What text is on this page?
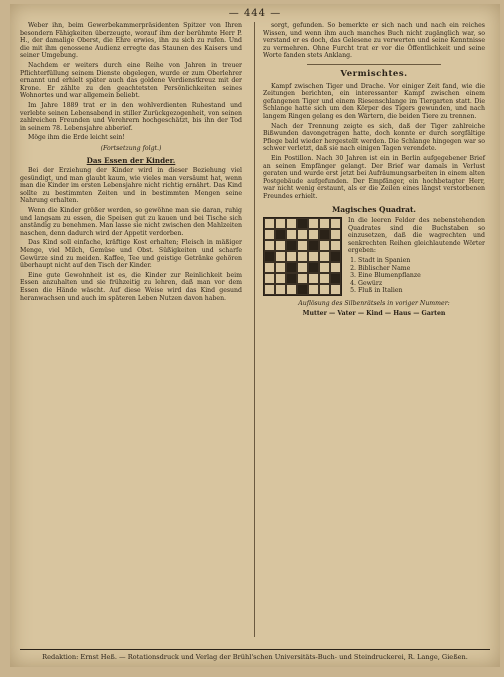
— 444 —

Weber ihn, beim Gewerbekammerpräsidenten Spitzer von Ihren besondern Fähigkeiten überzeugte, worauf ihm der berühmte Herr P. H., der damalige Oberst, die Ehre erwies, ihn zu sich zu rufen. Und die mit ihm genossene Audienz erregte das Staunen des Kaisers und seiner Umgebung.

Nachdem er weiters durch eine Reihe von Jahren in treuer Pflichterfüllung seinem Dienste obgelegen, wurde er zum Oberlehrer ernannt und erhielt später auch das goldene Verdienstkreuz mit der Krone. Er zählte zu den geachtetsten Persönlichkeiten seines Wohnortes und war allgemein beliebt.

Im Jahre 1889 trat er in den wohlverdienten Ruhestand und verlebte seinen Lebensabend in stiller Zurückgezogenheit, von seinen zahlreichen Freunden und Verehrern hochgeschätzt, bis ihn der Tod in seinem 78. Lebensjahre abberief.

Möge ihm die Erde leicht sein!

(Fortsetzung folgt.)
Das Essen der Kinder.

Bei der Erziehung der Kinder wird in dieser Beziehung viel gesündigt, und man glaubt kaum, wie vieles man versäumt hat, wenn man die Kinder im ersten Lebensjahre nicht richtig ernährt. Das Kind sollte zu bestimmten Zeiten und in bestimmten Mengen seine Nahrung erhalten.

Wenn die Kinder größer werden, so gewöhne man sie daran, ruhig und langsam zu essen, die Speisen gut zu kauen und bei Tische sich anständig zu benehmen. Man lasse sie nicht zwischen den Mahlzeiten naschen, denn dadurch wird der Appetit verdorben.

Das Kind soll einfache, kräftige Kost erhalten; Fleisch in mäßiger Menge, viel Milch, Gemüse und Obst. Süßigkeiten und scharfe Gewürze sind zu meiden. Kaffee, Tee und geistige Getränke gehören überhaupt nicht auf den Tisch der Kinder.

Eine gute Gewohnheit ist es, die Kinder zur Reinlichkeit beim Essen anzuhalten und sie frühzeitig zu lehren, daß man vor dem Essen die Hände wäscht. Auf diese Weise wird das Kind gesund heranwachsen und auch im späteren Leben Nutzen davon haben.

sorgt, gefunden. So bemerkte er sich nach und nach ein reiches Wissen, und wenn ihm auch manches Buch nicht zugänglich war, so verstand er es doch, das Gelesene zu verwerten und seine Kenntnisse zu vermehren. Ohne Furcht trat er vor die Öffentlichkeit und seine Worte fanden stets Anklang.

Vermischtes.

Kampf zwischen Tiger und Drache. Vor einiger Zeit fand, wie die Zeitungen berichten, ein interessanter Kampf zwischen einem gefangenen Tiger und einem Riesenschlange im Tiergarten statt. Die Schlange hatte sich um den Körper des Tigers gewunden, und nach langem Ringen gelang es den Wärtern, die beiden Tiere zu trennen.

Nach der Trennung zeigte es sich, daß der Tiger zahlreiche Bißwunden davongetragen hatte, doch konnte er durch sorgfältige Pflege bald wieder hergestellt werden. Die Schlange hingegen war so schwer verletzt, daß sie nach einigen Tagen verendete.

Ein Postillon. Nach 30 Jahren ist ein in Berlin aufgegebener Brief an seinen Empfänger gelangt. Der Brief war damals in Verlust geraten und wurde erst jetzt bei Aufräumungsarbeiten in einem alten Postgebäude aufgefunden. Der Empfänger, ein hochbetagter Herr, war nicht wenig erstaunt, als er die Zeilen eines längst verstorbenen Freundes erhielt.

Magisches Quadrat.
In die leeren Felder des nebenstehenden Quadrates sind die Buchstaben so einzusetzen, daß die wagrechten und senkrechten Reihen gleichlautende Wörter ergeben:
1. Stadt in Spanien
2. Biblischer Name
3. Eine Blumenpflanze
4. Gewürz
5. Fluß in Italien
Auflösung des Silbenrätsels in voriger Nummer:
Mutter — Vater — Kind — Haus — Garten
Redaktion: Ernst Heß. — Rotationsdruck und Verlag der Brühl'schen Universitäts-Buch- und Steindruckerei, R. Lange, Gießen.
